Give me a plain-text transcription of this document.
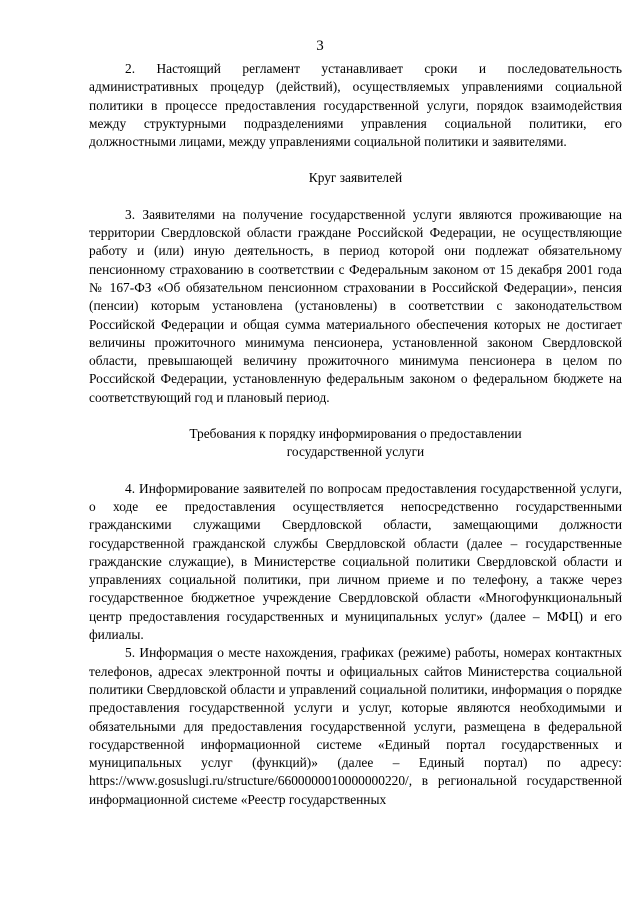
3

2. Настоящий регламент устанавливает сроки и последовательность административных процедур (действий), осуществляемых управлениями социальной политики в процессе предоставления государственной услуги, порядок взаимодействия между структурными подразделениями управления социальной политики, его должностными лицами, между управлениями социальной политики и заявителями.

Круг заявителей

3. Заявителями на получение государственной услуги являются проживающие на территории Свердловской области граждане Российской Федерации, не осуществляющие работу и (или) иную деятельность, в период которой они подлежат обязательному пенсионному страхованию в соответствии с Федеральным законом от 15 декабря 2001 года № 167-ФЗ «Об обязательном пенсионном страховании в Российской Федерации», пенсия (пенсии) которым установлена (установлены) в соответствии с законодательством Российской Федерации и общая сумма материального обеспечения которых не достигает величины прожиточного минимума пенсионера, установленной законом Свердловской области, превышающей величину прожиточного минимума пенсионера в целом по Российской Федерации, установленную федеральным законом о федеральном бюджете на соответствующий год и плановый период.

Требования к порядку информирования о предоставлении

государственной услуги

4. Информирование заявителей по вопросам предоставления государственной услуги, о ходе ее предоставления осуществляется непосредственно государственными гражданскими служащими Свердловской области, замещающими должности государственной гражданской службы Свердловской области (далее – государственные гражданские служащие), в Министерстве социальной политики Свердловской области и управлениях социальной политики, при личном приеме и по телефону, а также через государственное бюджетное учреждение Свердловской области «Многофункциональный центр предоставления государственных и муниципальных услуг» (далее – МФЦ) и его филиалы.

5. Информация о месте нахождения, графиках (режиме) работы, номерах контактных телефонов, адресах электронной почты и официальных сайтов Министерства социальной политики Свердловской области и управлений социальной политики, информация о порядке предоставления государственной услуги и услуг, которые являются необходимыми и обязательными для предоставления государственной услуги, размещена в федеральной государственной информационной системе «Единый портал государственных и муниципальных услуг (функций)» (далее – Единый портал) по адресу: https://www.gosuslugi.ru/structure/6600000010000000220/, в региональной государственной информационной системе «Реестр государственных
